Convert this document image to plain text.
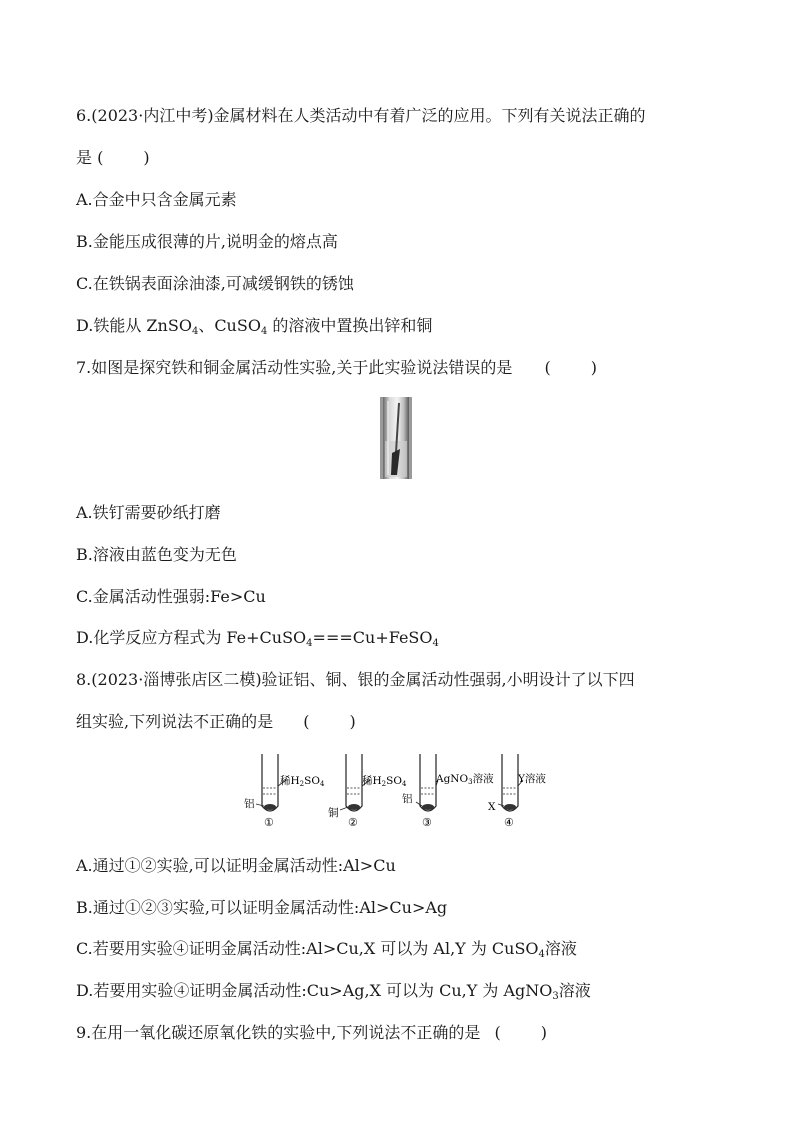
6.(2023·内江中考)金属材料在人类活动中有着广泛的应用。下列有关说法正确的
是 (	)
A.合金中只含金属元素
B.金能压成很薄的片,说明金的熔点高
C.在铁锅表面涂油漆,可减缓钢铁的锈蚀
D.铁能从 ZnSO$_4$、CuSO$_4$ 的溶液中置换出锌和铜
7.如图是探究铁和铜金属活动性实验,关于此实验说法错误的是 (	)
A.铁钉需要砂纸打磨
B.溶液由蓝色变为无色
C.金属活动性强弱:Fe>Cu
D.化学反应方程式为 Fe+CuSO$_4$===Cu+FeSO$_4$
8.(2023·淄博张店区二模)验证铝、铜、银的金属活动性强弱,小明设计了以下四
组实验,下列说法不正确的是 (	)
铝
稀H2SO4
①
铜
稀H2SO4
②
铝
AgNO3溶液
③
X
Y溶液
④
A.通过①②实验,可以证明金属活动性:Al>Cu
B.通过①②③实验,可以证明金属活动性:Al>Cu>Ag
C.若要用实验④证明金属活动性:Al>Cu,X 可以为 Al,Y 为 CuSO$_4$溶液
D.若要用实验④证明金属活动性:Cu>Ag,X 可以为 Cu,Y 为 AgNO$_3$溶液
9.在用一氧化碳还原氧化铁的实验中,下列说法不正确的是 (	)
